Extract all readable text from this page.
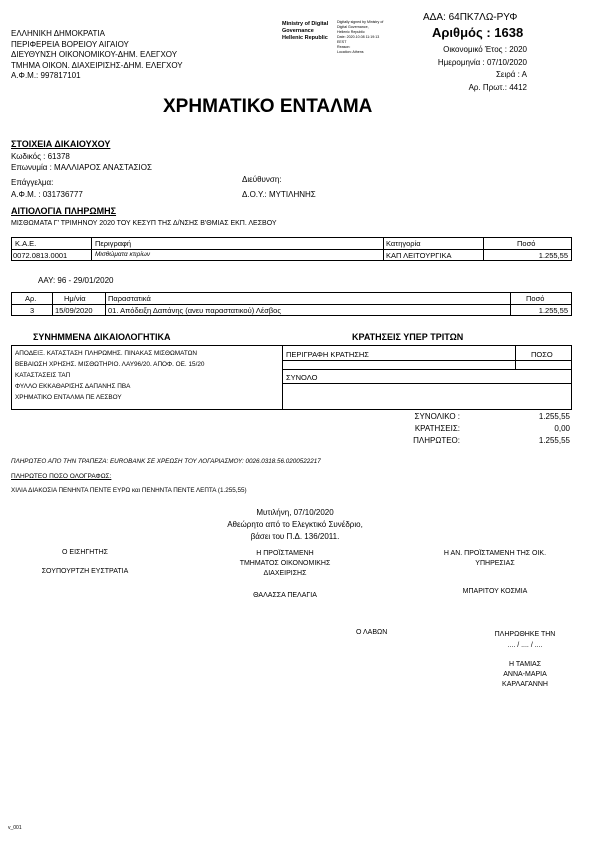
ΑΔΑ: 64ΠΚ7ΛΩ-ΡΥΦ
ΕΛΛΗΝΙΚΗ ΔΗΜΟΚΡΑΤΙΑ
ΠΕΡΙΦΕΡΕΙΑ ΒΟΡΕΙΟΥ ΑΙΓΑΙΟΥ
ΔΙΕΥΘΥΝΣΗ ΟΙΚΟΝΟΜΙΚΟΥ-ΔΗΜ. ΕΛΕΓΧΟΥ
ΤΜΗΜΑ ΟΙΚΟΝ. ΔΙΑΧΕΙΡΙΣΗΣ-ΔΗΜ. ΕΛΕΓΧΟΥ
Α.Φ.Μ.: 997817101
Ministry of Digital
Governance
Hellenic Republic
Digitally signed by Ministry of
Digital Governance,
Hellenic Republic
Date: 2020.10.08 11:19:13
EEST
Reason:
Location: Athens
Αριθμός : 1638
Οικονομικό Έτος : 2020
Ημερομηνία : 07/10/2020
Σειρά : Α
Αρ. Πρωτ.: 4412
ΧΡΗΜΑΤΙΚΟ ΕΝΤΑΛΜΑ
ΣΤΟΙΧΕΙΑ ΔΙΚΑΙΟΥΧΟΥ
Κωδικός : 61378
Επωνυμία : ΜΑΛΛΙΑΡΟΣ ΑΝΑΣΤΑΣΙΟΣ
Επάγγελμα:	Διεύθυνση:
Α.Φ.Μ. : 031736777	Δ.Ο.Υ.: ΜΥΤΙΛΗΝΗΣ
ΑΙΤΙΟΛΟΓΙΑ ΠΛΗΡΩΜΗΣ
ΜΙΣΘΩΜΑΤΑ Γ' ΤΡΙΜΗΝΟΥ 2020 ΤΟΥ ΚΕΣΥΠ ΤΗΣ Δ/ΝΣΗΣ Β'ΘΜΙΑΣ ΕΚΠ. ΛΕΣΒΟΥ
Κ.Α.Ε.	Περιγραφή	Κατηγορία	Ποσό
0072.0813.0001	Μισθώματα κτιρίων	ΚΑΠ ΛΕΙΤΟΥΡΓΙΚΑ	1.255,55
ΑΑΥ: 96 - 29/01/2020
Αρ.	Ημ/νία	Παραστατικά	Ποσό
3	15/09/2020 01. Απόδειξη Δαπάνης (ανευ παραστατικού) Λέσβος	1.255,55
ΣΥΝΗΜΜΕΝΑ ΔΙΚΑΙΟΛΟΓΗΤΙΚΑ	ΚΡΑΤΗΣΕΙΣ ΥΠΕΡ ΤΡΙΤΩΝ
ΑΠΟΔΕΙΞ. ΚΑΤΑΣΤΑΣΗ ΠΛΗΡΩΜΗΣ. ΠΙΝΑΚΑΣ ΜΙΣΘΩΜΑΤΩΝ
ΒΕΒΑΙΩΣΗ ΧΡΗΣΗΣ. ΜΙΣΘΩΤΗΡΙΟ. ΛΑΥ96/20. ΑΠΟΦ. ΟΕ. 15/20
ΚΑΤΑΣΤΑΣΕΙΣ ΤΑΠ
ΦΥΛΛΟ ΕΚΚΑΘΑΡΙΣΗΣ ΔΑΠΑΝΗΣ ΠΒΑ
ΧΡΗΜΑΤΙΚΟ ΕΝΤΑΛΜΑ ΠΕ ΛΕΣΒΟΥ
ΠΕΡΙΓΡΑΦΗ ΚΡΑΤΗΣΗΣ	ΠΟΣΟ
ΣΥΝΟΛΟ
ΣΥΝΟΛΙΚΟ :	1.255,55
ΚΡΑΤΗΣΕΙΣ:	0,00
ΠΛΗΡΩΤΕΟ:	1.255,55
ΠΛΗΡΩΤΕΟ ΑΠΟ ΤΗΝ ΤΡΑΠΕΖΑ: EUROBANK ΣΕ ΧΡΕΩΣΗ ΤΟΥ ΛΟΓΑΡΙΑΣΜΟΥ: 0026.0318.56.0200522217
ΠΛΗΡΩΤΕΟ ΠΟΣΟ ΟΛΟΓΡΑΦΩΣ:
ΧΙΛΙΑ ΔΙΑΚΟΣΙΑ ΠΕΝΗΝΤΑ ΠΕΝΤΕ ΕΥΡΩ και ΠΕΝΗΝΤΑ ΠΕΝΤΕ ΛΕΠΤΑ (1.255,55)
Μυτιλήνη, 07/10/2020
Αθεώρητο από το Ελεγκτικό Συνέδριο,
βάσει του Π.Δ. 136/2011.
Ο ΕΙΣΗΓΗΤΗΣ
ΣΟΥΠΟΥΡΤΖΗ ΕΥΣΤΡΑΤΙΑ
Η ΠΡΟΪΣΤΑΜΕΝΗ
ΤΜΗΜΑΤΟΣ ΟΙΚΟΝΟΜΙΚΗΣ
ΔΙΑΧΕΙΡΙΣΗΣ
ΘΑΛΑΣΣΑ ΠΕΛΑΓΙΑ
Η ΑΝ. ΠΡΟΪΣΤΑΜΕΝΗ ΤΗΣ ΟΙΚ.
ΥΠΗΡΕΣΙΑΣ
ΜΠΑΡΙΤΟΥ ΚΟΣΜΙΑ
Ο ΛΑΒΩΝ	ΠΛΗΡΩΘΗΚΕ ΤΗΝ
.... / .... / ....
Η ΤΑΜΙΑΣ
ΑΝΝΑ-ΜΑΡΙΑ
ΚΑΡΛΑΓΑΝΝΗ
v_001
